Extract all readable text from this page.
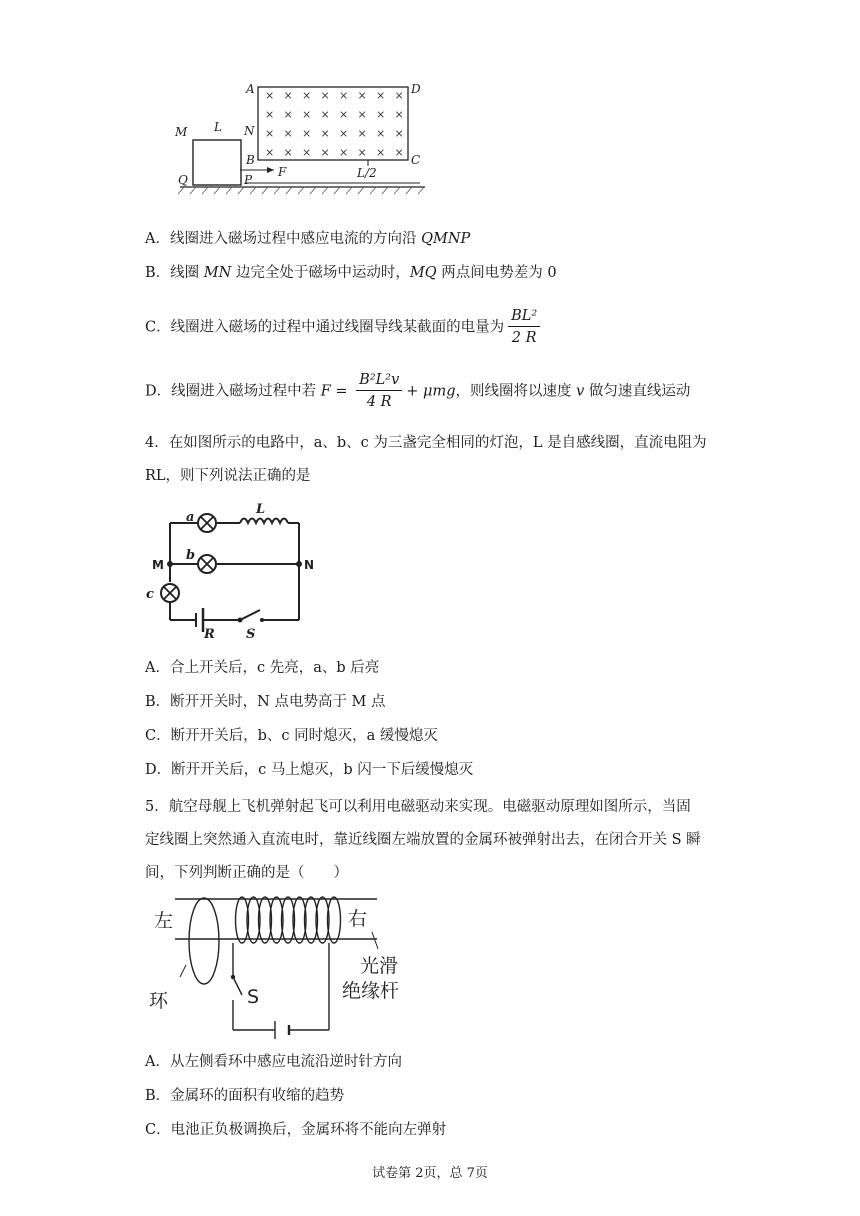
× × × × × × × ×
× × × × × × × ×
× × × × × × × ×
× × × × × × × ×
A	D
M L N
B	C
Q	P
F	L/2
A．线圈进入磁场过程中感应电流的方向沿 QMNP
B．线圈 MN 边完全处于磁场中运动时，MQ 两点间电势差为 0
C．线圈进入磁场的过程中通过线圈导线某截面的电量为 $\frac{\text{BL²}}{2 R}$
D．线圈进入磁场过程中若 $F = \frac{\text{B²L²v}}{4 R} + \mu mg$，则线圈将以速度 v 做匀速直线运动
4．在如图所示的电路中，a、b、c 为三盏完全相同的灯泡，L 是自感线圈，直流电阻为
RL，则下列说法正确的是
a
b
c
L
R S
M	N
A．合上开关后，c 先亮，a、b 后亮
B．断开开关时，N 点电势高于 M 点
C．断开开关后，b、c 同时熄灭，a 缓慢熄灭
D．断开开关后，c 马上熄灭，b 闪一下后缓慢熄灭
5．航空母舰上飞机弹射起飞可以利用电磁驱动来实现。电磁驱动原理如图所示，当固
定线圈上突然通入直流电时，靠近线圈左端放置的金属环被弹射出去，在闭合开关 S 瞬
间，下列判断正确的是（　　）
左	右
环	S
光滑
绝缘杆
A．从左侧看环中感应电流沿逆时针方向
B．金属环的面积有收缩的趋势
C．电池正负极调换后，金属环将不能向左弹射
试卷第 2页，总 7页
